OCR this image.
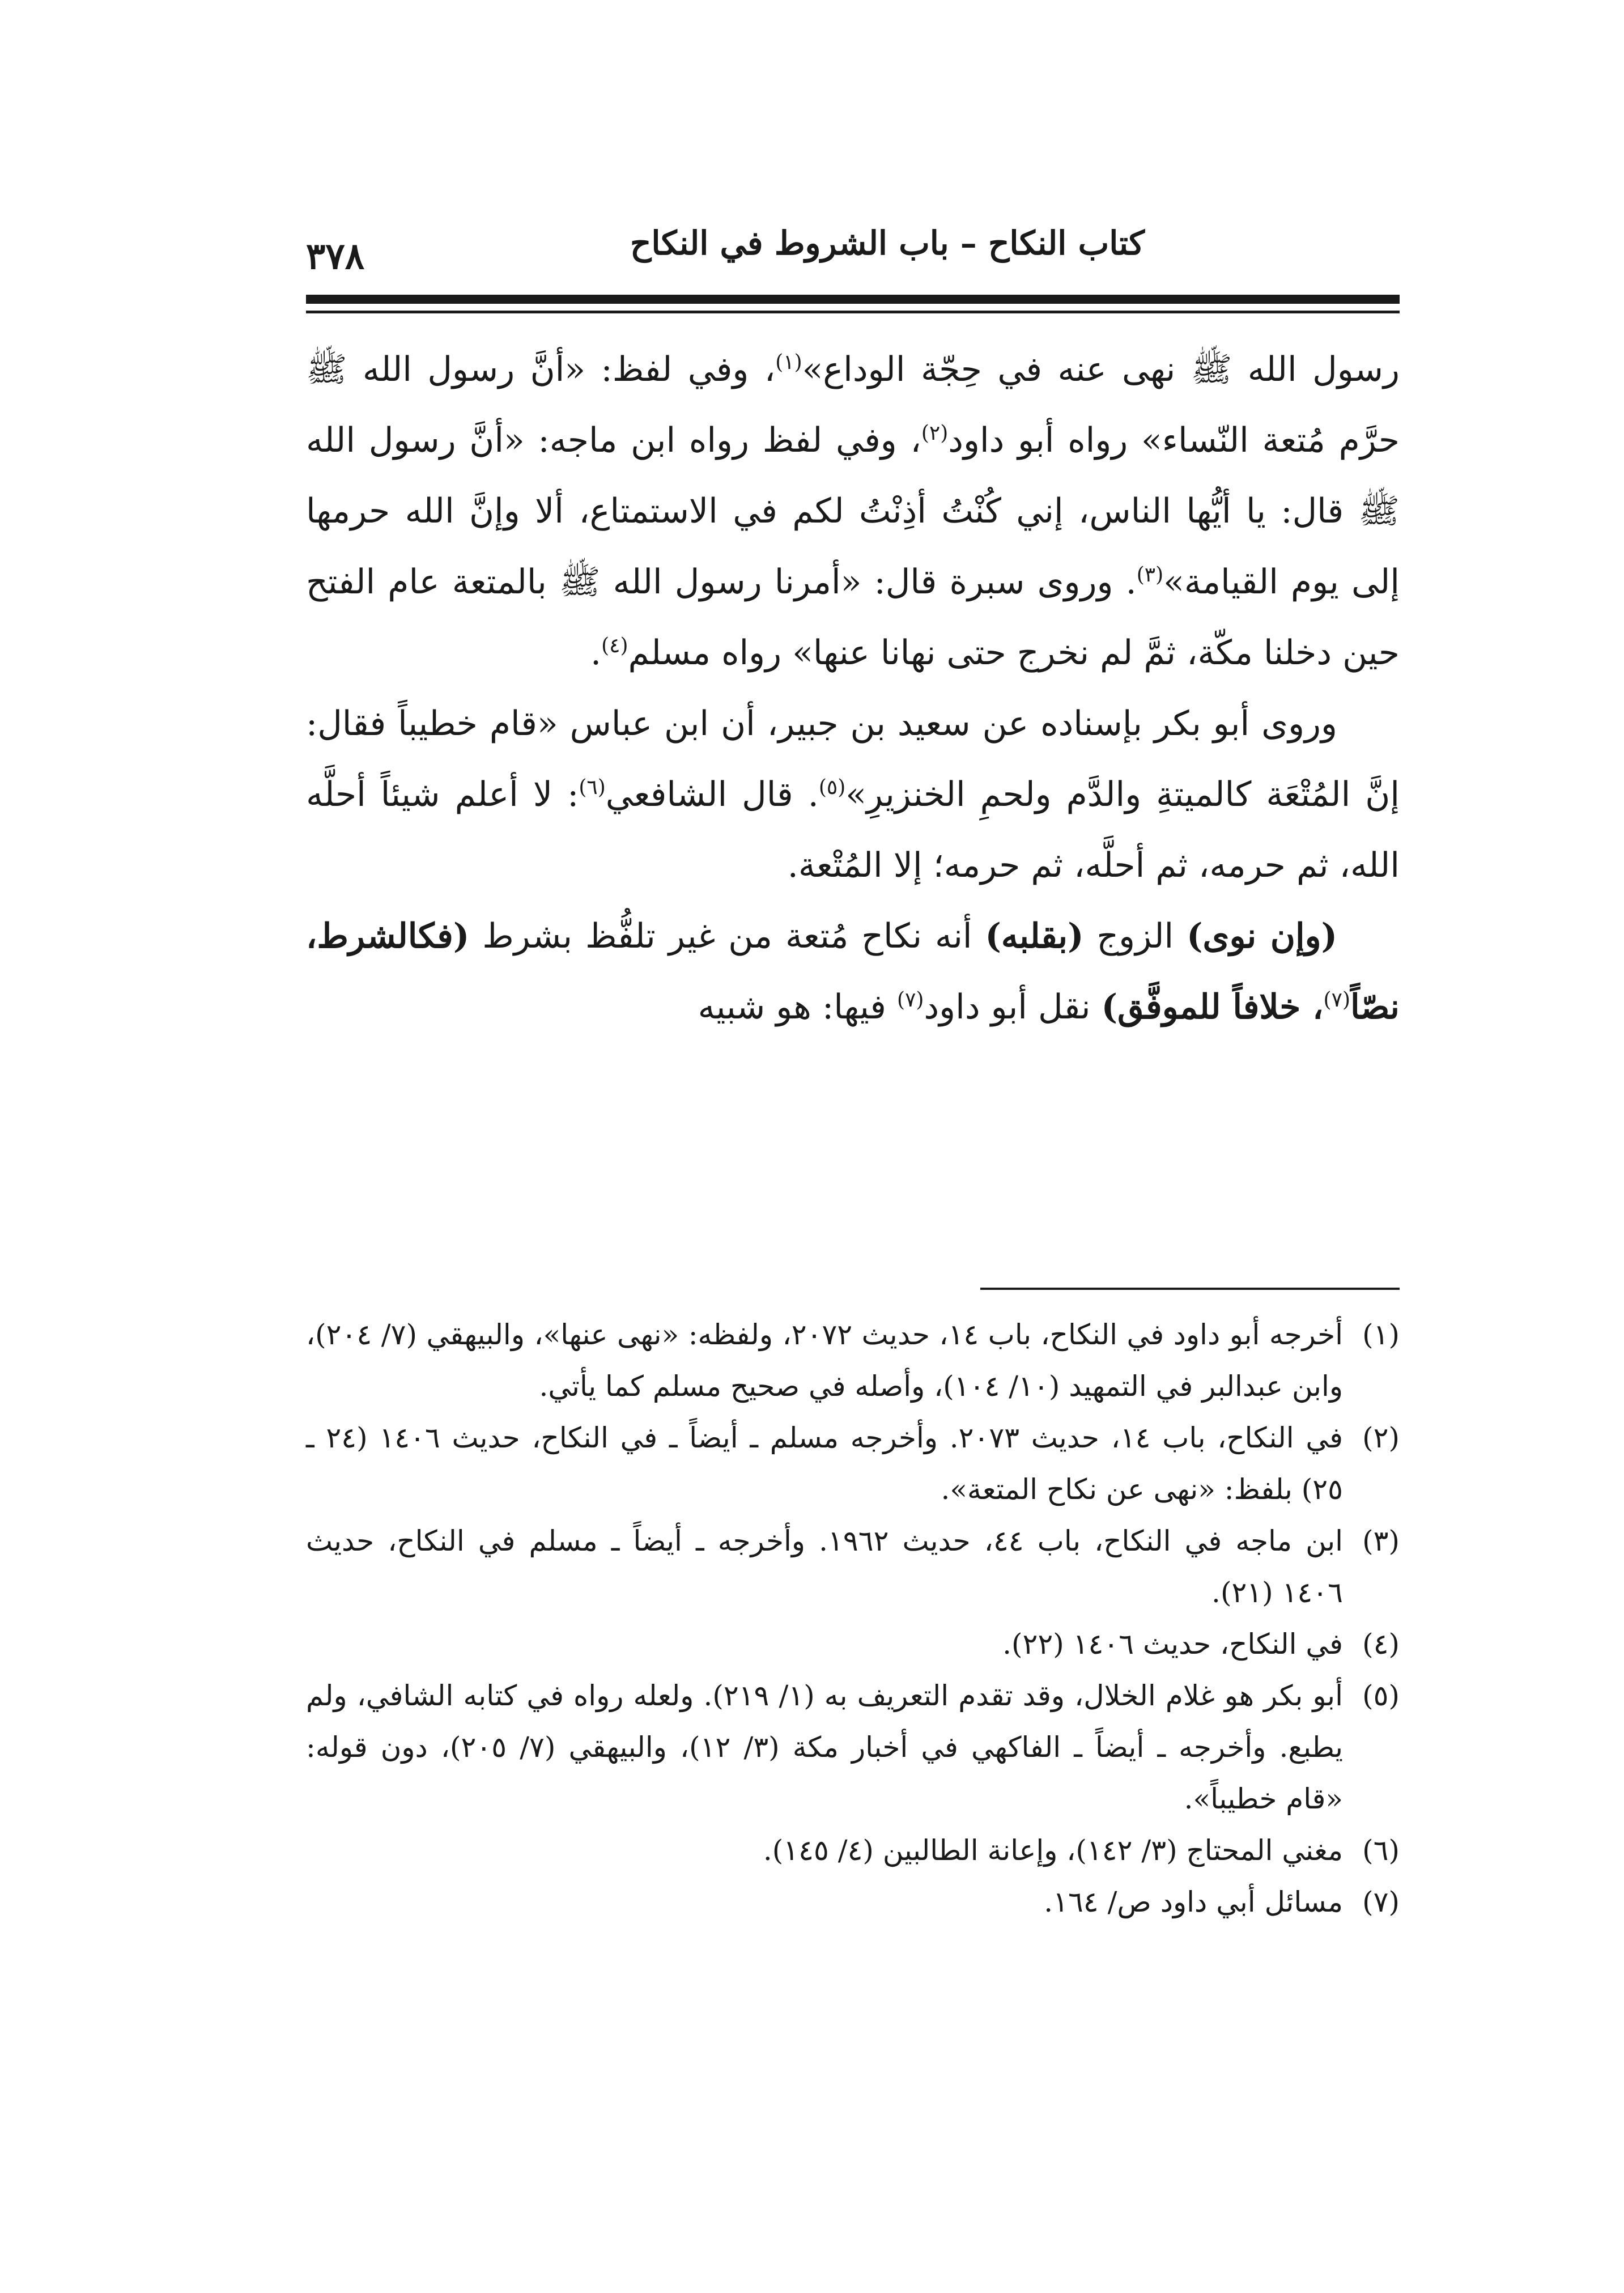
كتاب النكاح – باب الشروط في النكاح
٣٧٨

رسول الله ﷺ نهى عنه في حِجّة الوداع»$^{(١)}$، وفي لفظ: «أنَّ رسول الله ﷺ حرَّم مُتعة النّساء» رواه أبو داود$^{(٢)}$، وفي لفظ رواه ابن ماجه: «أنَّ رسول الله ﷺ قال: يا أيُّها الناس، إني كُنْتُ أذِنْتُ لكم في الاستمتاع، ألا وإنَّ الله حرمها إلى يوم القيامة»$^{(٣)}$. وروى سبرة قال: «أمرنا رسول الله ﷺ بالمتعة عام الفتح حين دخلنا مكّة، ثمَّ لم نخرج حتى نهانا عنها» رواه مسلم$^{(٤)}$.

وروى أبو بكر بإسناده عن سعيد بن جبير، أن ابن عباس «قام خطيباً فقال: إنَّ المُتْعَة كالميتةِ والدَّم ولحمِ الخنزيرِ»$^{(٥)}$. قال الشافعي$^{(٦)}$: لا أعلم شيئاً أحلَّه الله، ثم حرمه، ثم أحلَّه، ثم حرمه؛ إلا المُتْعة.

(وإن نوى) الزوج (بقلبه) أنه نكاح مُتعة من غير تلفُّظ بشرط (فكالشرط، نصّاً$^{(٧)}$، خلافاً للموفَّق) نقل أبو داود$^{(٧)}$ فيها: هو شبيه

(١)
أخرجه أبو داود في النكاح، باب ١٤، حديث ٢٠٧٢، ولفظه: «نهى عنها»، والبيهقي (٧/ ٢٠٤)، وابن عبدالبر في التمهيد (١٠/ ١٠٤)، وأصله في صحيح مسلم كما يأتي.

(٢)
في النكاح، باب ١٤، حديث ٢٠٧٣. وأخرجه مسلم ـ أيضاً ـ في النكاح، حديث ١٤٠٦ (٢٤ ـ ٢٥) بلفظ: «نهى عن نكاح المتعة».

(٣)
ابن ماجه في النكاح، باب ٤٤، حديث ١٩٦٢. وأخرجه ـ أيضاً ـ مسلم في النكاح، حديث ١٤٠٦ (٢١).

(٤)
في النكاح، حديث ١٤٠٦ (٢٢).

(٥)
أبو بكر هو غلام الخلال، وقد تقدم التعريف به (١/ ٢١٩). ولعله رواه في كتابه الشافي، ولم يطبع. وأخرجه ـ أيضاً ـ الفاكهي في أخبار مكة (٣/ ١٢)، والبيهقي (٧/ ٢٠٥)، دون قوله: «قام خطيباً».

(٦)
مغني المحتاج (٣/ ١٤٢)، وإعانة الطالبين (٤/ ١٤٥).

(٧)
مسائل أبي داود ص/ ١٦٤.
